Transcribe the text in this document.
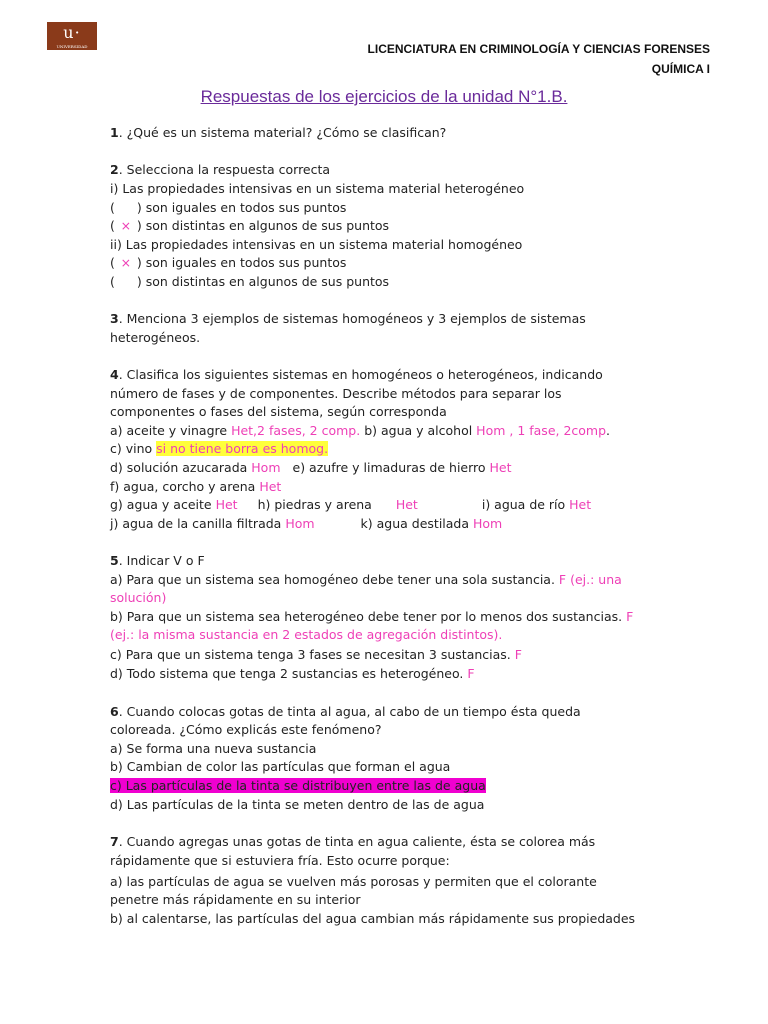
u·
UNIVERSIDAD	LICENCIATURA EN CRIMINOLOGÍA Y CIENCIAS FORENSES
QUÍMICA I
Respuestas de los ejercicios de la unidad N°1.B.
1. ¿Qué es un sistema material? ¿Cómo se clasifican?
2. Selecciona la respuesta correcta
i) Las propiedades intensivas en un sistema material heterogéneo
( ) son iguales en todos sus puntos
( × ) son distintas en algunos de sus puntos
ii) Las propiedades intensivas en un sistema material homogéneo
( × ) son iguales en todos sus puntos
( ) son distintas en algunos de sus puntos
3. Menciona 3 ejemplos de sistemas homogéneos y 3 ejemplos de sistemas
heterogéneos.
4. Clasifica los siguientes sistemas en homogéneos o heterogéneos, indicando
número de fases y de componentes. Describe métodos para separar los
componentes o fases del sistema, según corresponda
a) aceite y vinagre Het,2 fases, 2 comp. b) agua y alcohol Hom , 1 fase, 2comp.
c) vino si no tiene borra es homog.
d) solución azucarada Hom e) azufre y limaduras de hierro Het
f) agua, corcho y arena Het
g) agua y aceite Het h) piedras y arena Het	i) agua de río Het
j) agua de la canilla filtrada Hom	k) agua destilada Hom
5. Indicar V o F
a) Para que un sistema sea homogéneo debe tener una sola sustancia. F (ej.: una
solución)
b) Para que un sistema sea heterogéneo debe tener por lo menos dos sustancias. F
(ej.: la misma sustancia en 2 estados de agregación distintos).
c) Para que un sistema tenga 3 fases se necesitan 3 sustancias. F
d) Todo sistema que tenga 2 sustancias es heterogéneo. F
6. Cuando colocas gotas de tinta al agua, al cabo de un tiempo ésta queda
coloreada. ¿Cómo explicás este fenómeno?
a) Se forma una nueva sustancia
b) Cambian de color las partículas que forman el agua
c) Las partículas de la tinta se distribuyen entre las de agua
d) Las partículas de la tinta se meten dentro de las de agua
7. Cuando agregas unas gotas de tinta en agua caliente, ésta se colorea más
rápidamente que si estuviera fría. Esto ocurre porque:
a) las partículas de agua se vuelven más porosas y permiten que el colorante
penetre más rápidamente en su interior
b) al calentarse, las partículas del agua cambian más rápidamente sus propiedades
